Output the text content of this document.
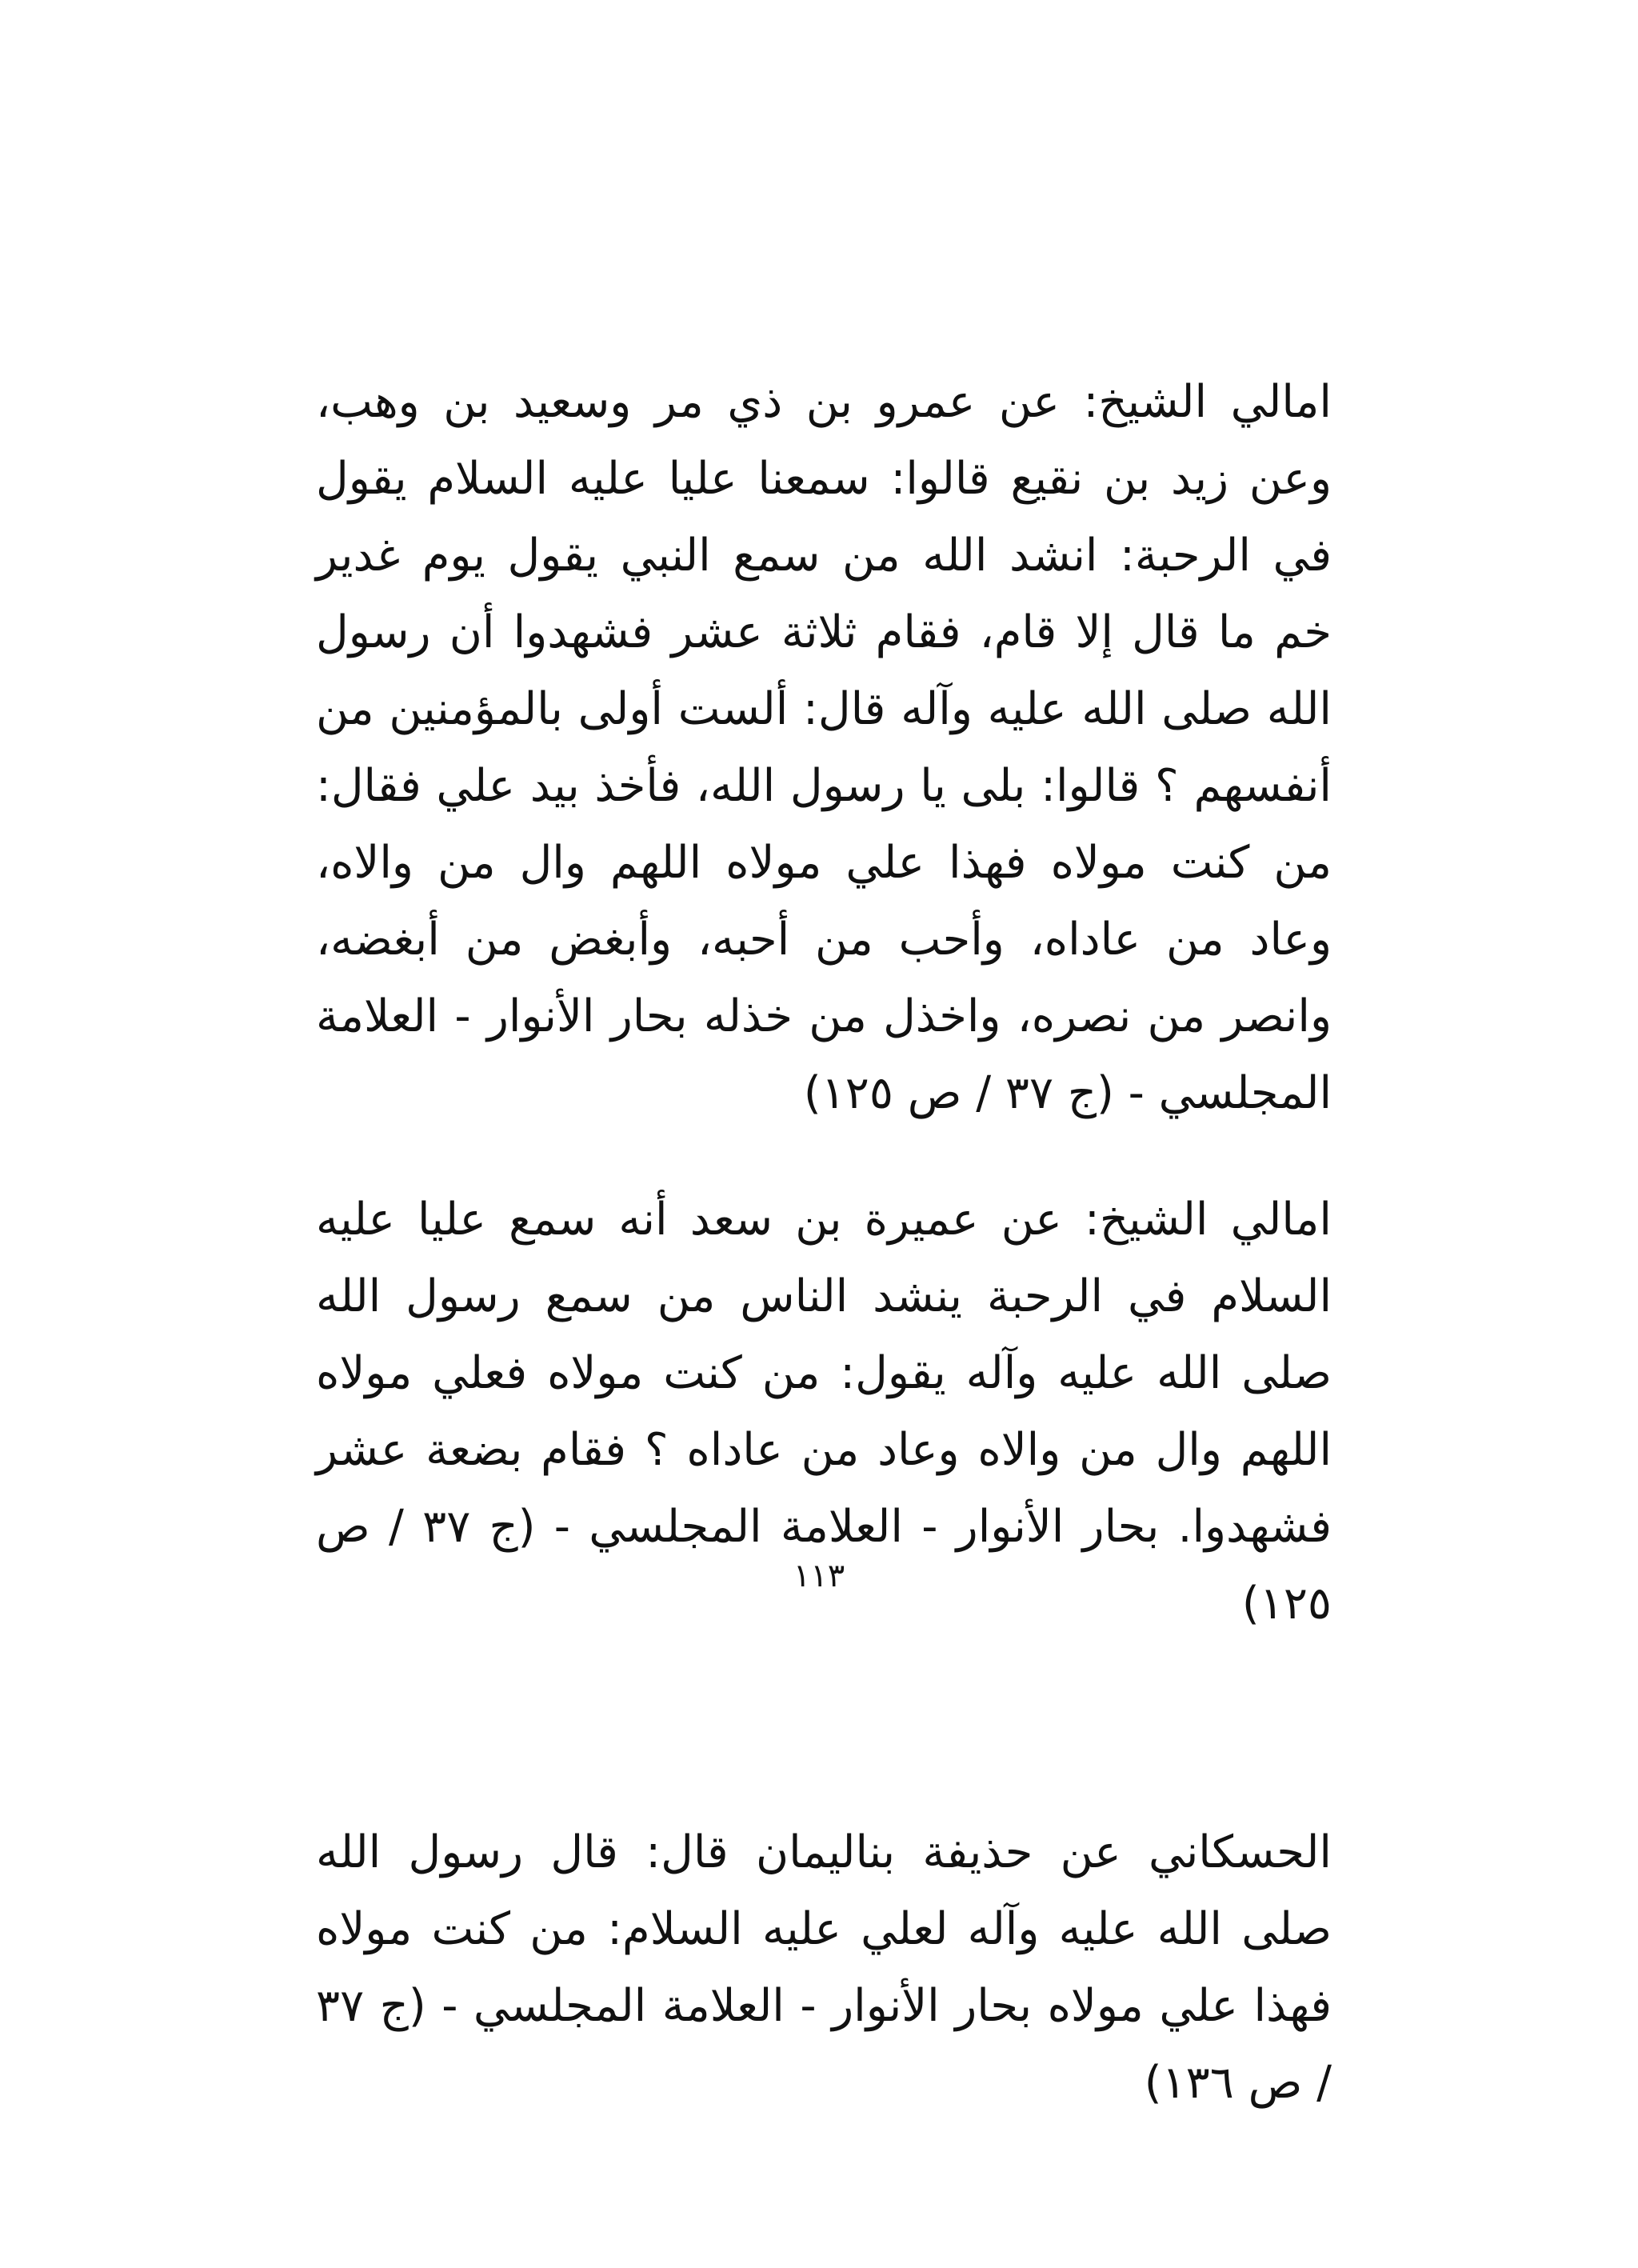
امالي الشيخ: عن عمرو بن ذي مر وسعيد بن وهب، وعن زيد بن نقيع قالوا: سمعنا عليا عليه السلام يقول في الرحبة: انشد الله من سمع النبي يقول يوم غدير خم ما قال إلا قام، فقام ثلاثة عشر فشهدوا أن رسول الله صلى الله عليه وآله قال: ألست أولى بالمؤمنين من أنفسهم ؟ قالوا: بلى يا رسول الله، فأخذ بيد علي فقال: من كنت مولاه فهذا علي مولاه اللهم وال من والاه، وعاد من عاداه، وأحب من أحبه، وأبغض من أبغضه، وانصر من نصره، واخذل من خذله بحار الأنوار - العلامة المجلسي - (ج ٣٧ / ص ١٢٥)

امالي الشيخ: عن عميرة بن سعد أنه سمع عليا عليه السلام في الرحبة ينشد الناس من سمع رسول الله صلى الله عليه وآله يقول: من كنت مولاه فعلي مولاه اللهم وال من والاه وعاد من عاداه ؟ فقام بضعة عشر فشهدوا. بحار الأنوار - العلامة المجلسي - (ج ٣٧ / ص ١٢٥)

الحسكاني عن حذيفة بناليمان قال: قال رسول الله صلى الله عليه وآله لعلي عليه السلام: من كنت مولاه فهذا علي مولاه بحار الأنوار - العلامة المجلسي - (ج ٣٧ / ص ١٣٦)

١١٣
